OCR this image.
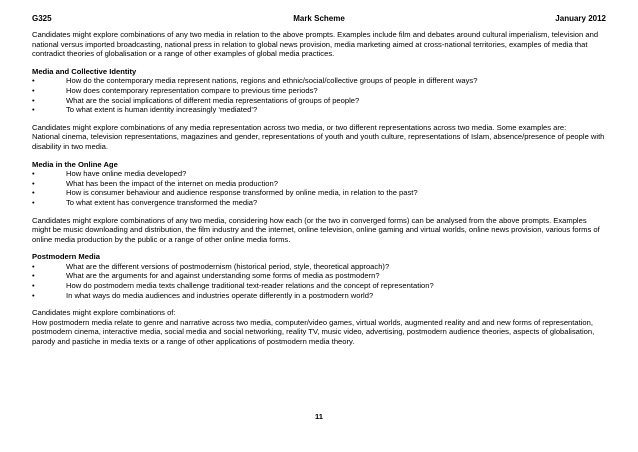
G325	Mark Scheme	January 2012

Candidates might explore combinations of any two media in relation to the above prompts. Examples include film and debates around cultural imperialism, television and national versus imported broadcasting, national press in relation to global news provision, media marketing aimed at cross-national territories, examples of media that contradict theories of globalisation or a range of other examples of global media practices.

Media and Collective Identity

•	How do the contemporary media represent nations, regions and ethnic/social/collective groups of people in different ways?
•	How does contemporary representation compare to previous time periods?
•	What are the social implications of different media representations of groups of people?
•	To what extent is human identity increasingly ‘mediated’?

Candidates might explore combinations of any media representation across two media, or two different representations across two media. Some examples are:
National cinema, television representations, magazines and gender, representations of youth and youth culture, representations of Islam, absence/presence of people with disability in two media.

Media in the Online Age

•	How have online media developed?
•	What has been the impact of the internet on media production?
•	How is consumer behaviour and audience response transformed by online media, in relation to the past?
•	To what extent has convergence transformed the media?

Candidates might explore combinations of any two media, considering how each (or the two in converged forms) can be analysed from the above prompts. Examples might be music downloading and distribution, the film industry and the internet, online television, online gaming and virtual worlds, online news provision, various forms of online media production by the public or a range of other online media forms.

Postmodern Media

•	What are the different versions of postmodernism (historical period, style, theoretical approach)?
•	What are the arguments for and against understanding some forms of media as postmodern?
•	How do postmodern media texts challenge traditional text-reader relations and the concept of representation?
•	In what ways do media audiences and industries operate differently in a postmodern world?

Candidates might explore combinations of:
How postmodern media relate to genre and narrative across two media, computer/video games, virtual worlds, augmented reality and and new forms of representation, postmodern cinema, interactive media, social media and social networking, reality TV, music video, advertising, postmodern audience theories, aspects of globalisation, parody and pastiche in media texts or a range of other applications of postmodern media theory.

11
